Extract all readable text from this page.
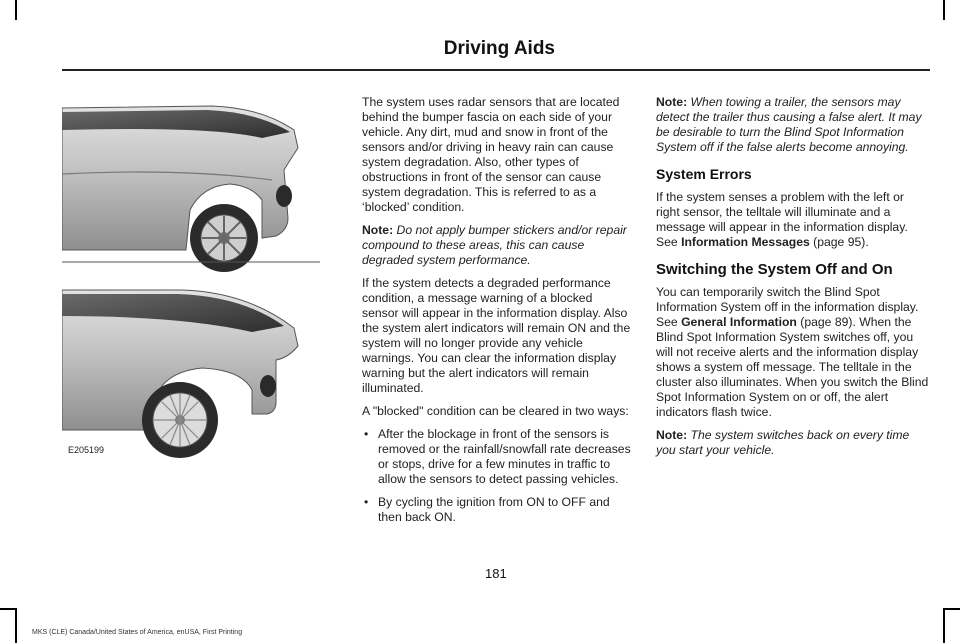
Driving Aids
E205199

The system uses radar sensors that are located behind the bumper fascia on each side of your vehicle. Any dirt, mud and snow in front of the sensors and/or driving in heavy rain can cause system degradation. Also, other types of obstructions in front of the sensor can cause system degradation. This is referred to as a ‘blocked’ condition.

Note: Do not apply bumper stickers and/or repair compound to these areas, this can cause degraded system performance.

If the system detects a degraded performance condition, a message warning of a blocked sensor will appear in the information display. Also the system alert indicators will remain ON and the system will no longer provide any vehicle warnings. You can clear the information display warning but the alert indicators will remain illuminated.

A "blocked" condition can be cleared in two ways:

• After the blockage in front of the sensors is removed or the rainfall/snowfall rate decreases or stops, drive for a few minutes in traffic to allow the sensors to detect passing vehicles.
• By cycling the ignition from ON to OFF and then back ON.

Note: When towing a trailer, the sensors may detect the trailer thus causing a false alert. It may be desirable to turn the Blind Spot Information System off if the false alerts become annoying.

System Errors

If the system senses a problem with the left or right sensor, the telltale will illuminate and a message will appear in the information display. See Information Messages (page 95).

Switching the System Off and On

You can temporarily switch the Blind Spot Information System off in the information display. See General Information (page 89). When the Blind Spot Information System switches off, you will not receive alerts and the information display shows a system off message. The telltale in the cluster also illuminates. When you switch the Blind Spot Information System on or off, the alert indicators flash twice.

Note: The system switches back on every time you start your vehicle.

181
MKS (CLE) Canada/United States of America, enUSA, First Printing
